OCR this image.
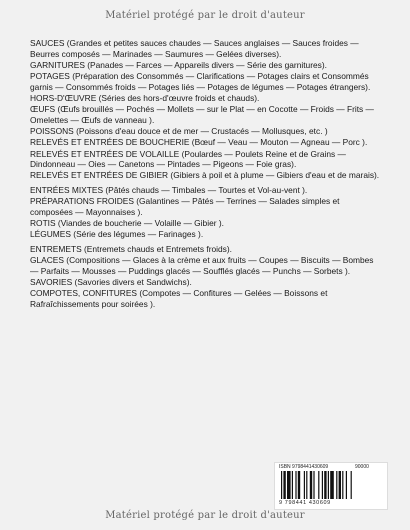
Matériel protégé par le droit d'auteur

SAUCES (Grandes et petites sauces chaudes — Sauces anglaises — Sauces froides — Beurres composés — Marinades — Saumures — Gelées diverses).

GARNITURES (Panades — Farces — Appareils divers — Série des garnitures).

POTAGES (Préparation des Consommés — Clarifications — Potages clairs et Consommés garnis — Consommés froids — Potages liés — Potages de légumes — Potages étrangers).

HORS-D'ŒUVRE (Séries des hors-d'œuvre froids et chauds).

ŒUFS (Œufs brouillés — Pochés — Mollets — sur le Plat — en Cocotte — Froids — Frits — Omelettes — Œufs de vanneau ).

POISSONS (Poissons d'eau douce et de mer — Crustacés — Mollusques, etc. )

RELEVÉS ET ENTRÉES DE BOUCHERIE (Bœuf — Veau — Mouton — Agneau — Porc ).

RELEVÉS ET ENTRÉES DE VOLAILLE (Poulardes — Poulets Reine et de Grains — Dindonneau — Oies — Canetons — Pintades — Pigeons — Foie gras).

RELEVÉS ET ENTRÉES DE GIBIER (Gibiers à poil et à plume — Gibiers d'eau et de marais).

ENTRÉES MIXTES (Pâtés chauds — Timbales — Tourtes et Vol-au-vent ).

PRÉPARATIONS FROIDES (Galantines — Pâtés — Terrines — Salades simples et composées — Mayonnaises ).

ROTIS (Viandes de boucherie — Volaille — Gibier ).

LÉGUMES (Série des légumes — Farinages ).

ENTREMETS (Entremets chauds et Entremets froids).

GLACES (Compositions — Glaces à la crème et aux fruits — Coupes — Biscuits — Bombes — Parfaits — Mousses — Puddings glacés — Soufflés glacés — Punchs — Sorbets ).

SAVORIES (Savories divers et Sandwichs).

COMPOTES, CONFITURES (Compotes — Confitures — Gelées — Boissons et Rafraîchissements pour soirées ).

ISBN 9798441430609	90000
9 798441 430609
Matériel protégé par le droit d'auteur
